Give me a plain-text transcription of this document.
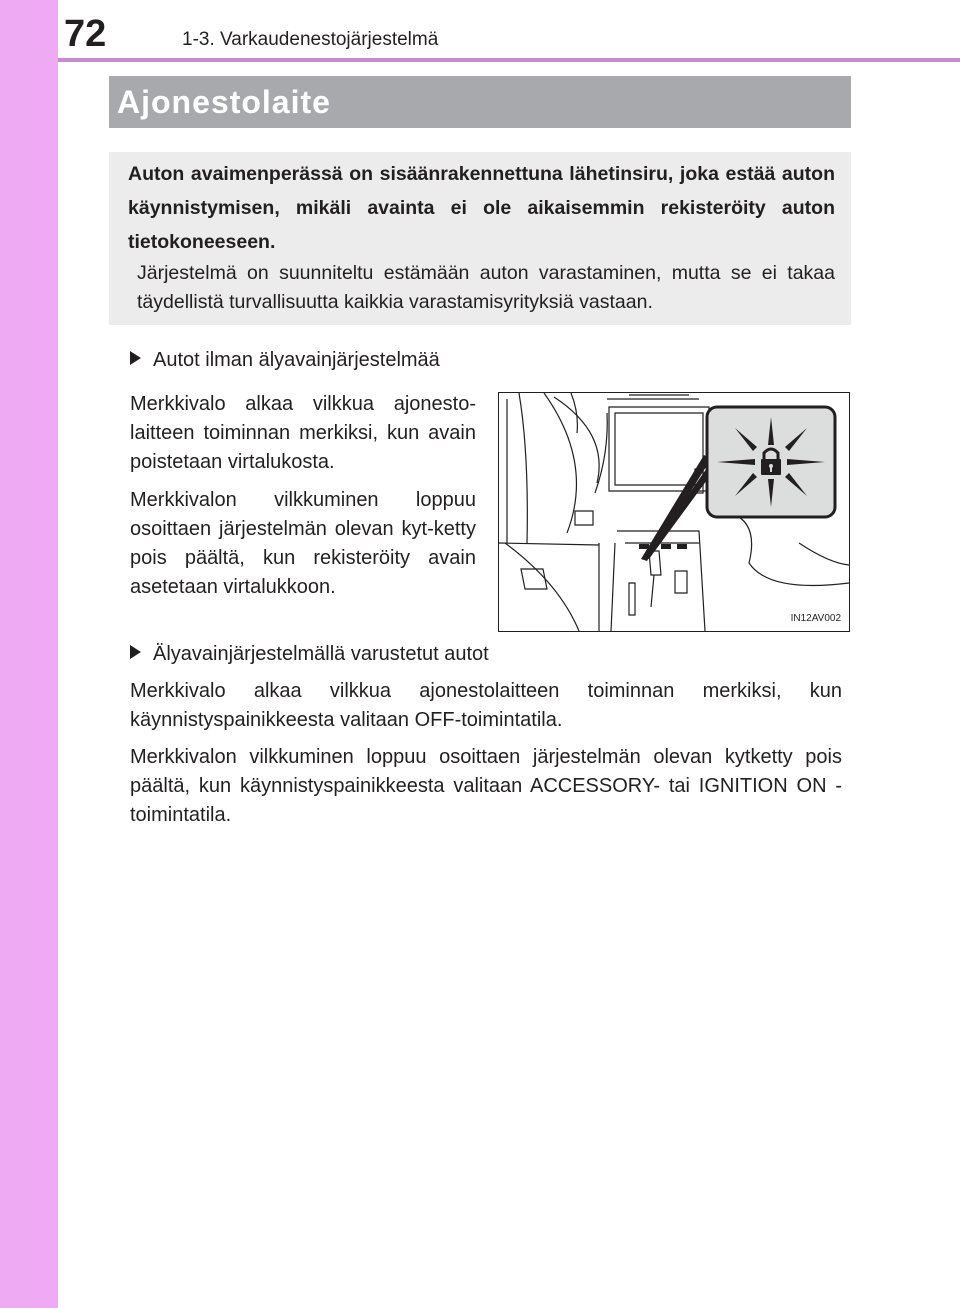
72	1-3. Varkaudenestojärjestelmä
Ajonestolaite

Auton avaimenperässä on sisäänrakennettuna lähetinsiru, joka estää auton käynnistymisen, mikäli avainta ei ole aikaisemmin rekisteröity auton tietokoneeseen.

Järjestelmä on suunniteltu estämään auton varastaminen, mutta se ei takaa täydellistä turvallisuutta kaikkia varastamisyrityksiä vastaan.

Autot ilman älyavainjärjestelmää

Merkkivalo alkaa vilkkua ajonesto-laitteen toiminnan merkiksi, kun avain poistetaan virtalukosta.

Merkkivalon vilkkuminen loppuu osoittaen järjestelmän olevan kyt-ketty pois päältä, kun rekisteröity avain asetetaan virtalukkoon.

IN12AV002
Älyavainjärjestelmällä varustetut autot

Merkkivalo alkaa vilkkua ajonestolaitteen toiminnan merkiksi, kun käynnistyspainikkeesta valitaan OFF-toimintatila.

Merkkivalon vilkkuminen loppuu osoittaen järjestelmän olevan kytketty pois päältä, kun käynnistyspainikkeesta valitaan ACCESSORY- tai IGNITION ON -toimintatila.
